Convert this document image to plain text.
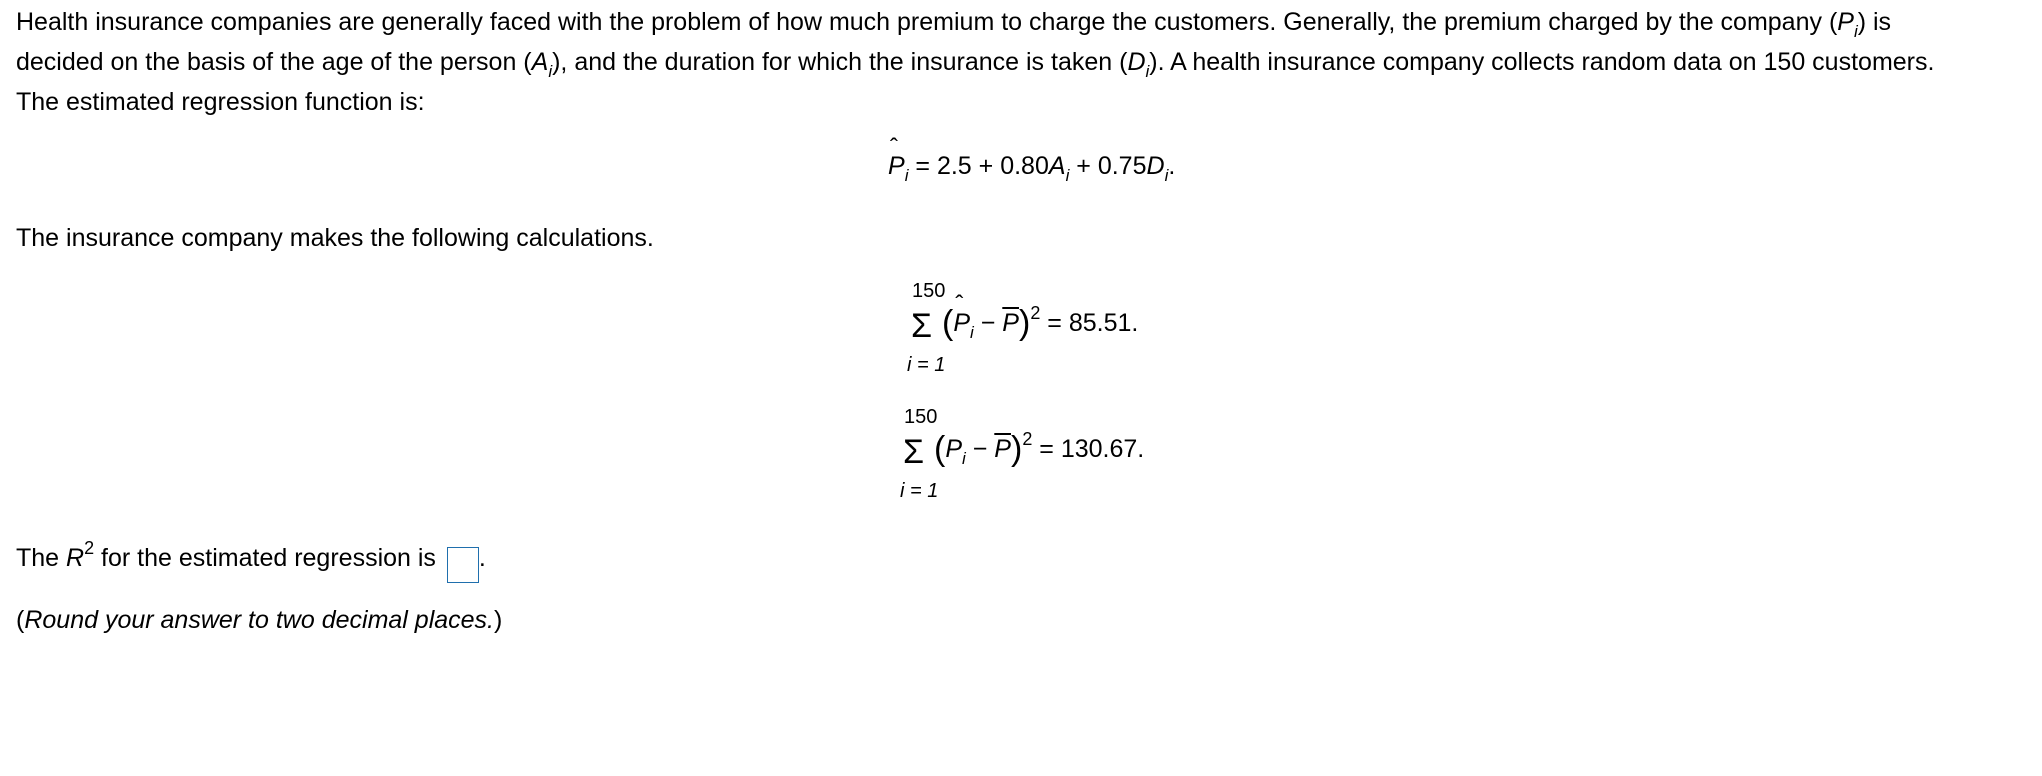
Health insurance companies are generally faced with the problem of how much premium to charge the customers. Generally, the premium charged by the company $(P_i)$ is
decided on the basis of the age of the person $(A_i)$, and the duration for which the insurance is taken $(D_i)$. A health insurance company collects random data on 150 customers.
The estimated regression function is:
ˆ $P_i = 2.5 + 0.80A_i + 0.75D_i$.
The insurance company makes the following calculations.
150
Σ
i = 1
(ˆ $P_i - \overline{P})^2 = 85.51$.
150
Σ
i = 1
$(P_i - \overline{P})^2 = 130.67$.
The $R^2$ for the estimated regression is .
(Round your answer to two decimal places.)
